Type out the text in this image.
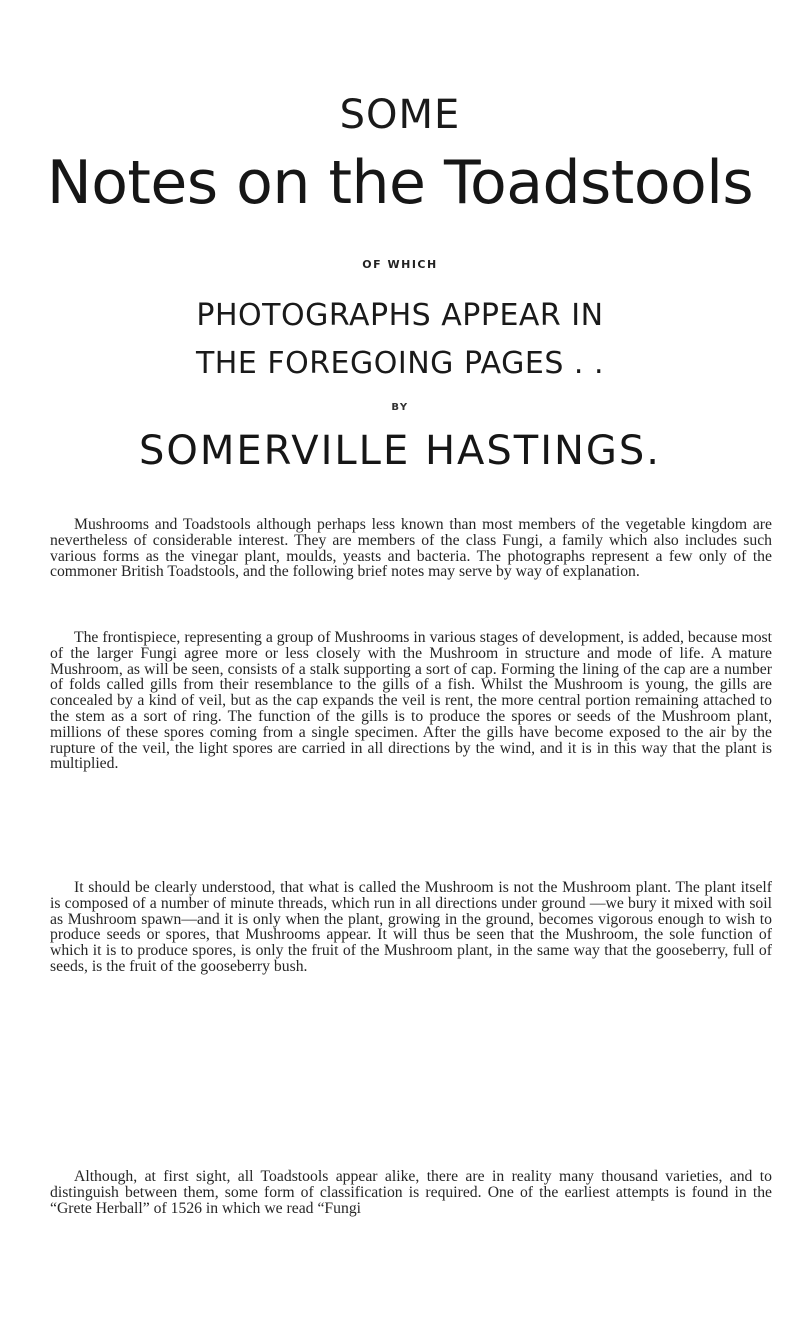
SOME
Notes on the Toadstools
OF WHICH
PHOTOGRAPHS APPEAR IN
THE FOREGOING PAGES . .
BY
SOMERVILLE HASTINGS.

Mushrooms and Toadstools although perhaps less known than most members of the vegetable kingdom are nevertheless of considerable interest. They are members of the class Fungi, a family which also includes such various forms as the vinegar plant, moulds, yeasts and bacteria. The photographs represent a few only of the commoner British Toadstools, and the following brief notes may serve by way of explanation.

The frontispiece, representing a group of Mushrooms in various stages of development, is added, because most of the larger Fungi agree more or less closely with the Mushroom in structure and mode of life. A mature Mushroom, as will be seen, consists of a stalk supporting a sort of cap. Forming the lining of the cap are a number of folds called gills from their resemblance to the gills of a fish. Whilst the Mushroom is young, the gills are concealed by a kind of veil, but as the cap expands the veil is rent, the more central portion remaining attached to the stem as a sort of ring. The function of the gills is to produce the spores or seeds of the Mushroom plant, millions of these spores coming from a single specimen. After the gills have become exposed to the air by the rupture of the veil, the light spores are carried in all directions by the wind, and it is in this way that the plant is multiplied.

It should be clearly understood, that what is called the Mushroom is not the Mushroom plant. The plant itself is composed of a number of minute threads, which run in all directions under ground —we bury it mixed with soil as Mushroom spawn—and it is only when the plant, growing in the ground, becomes vigorous enough to wish to produce seeds or spores, that Mushrooms appear. It will thus be seen that the Mushroom, the sole function of which it is to produce spores, is only the fruit of the Mushroom plant, in the same way that the gooseberry, full of seeds, is the fruit of the gooseberry bush.

Although, at first sight, all Toadstools appear alike, there are in reality many thousand varieties, and to distinguish between them, some form of classification is required. One of the earliest attempts is found in the “Grete Herball” of 1526 in which we read “Fungi
